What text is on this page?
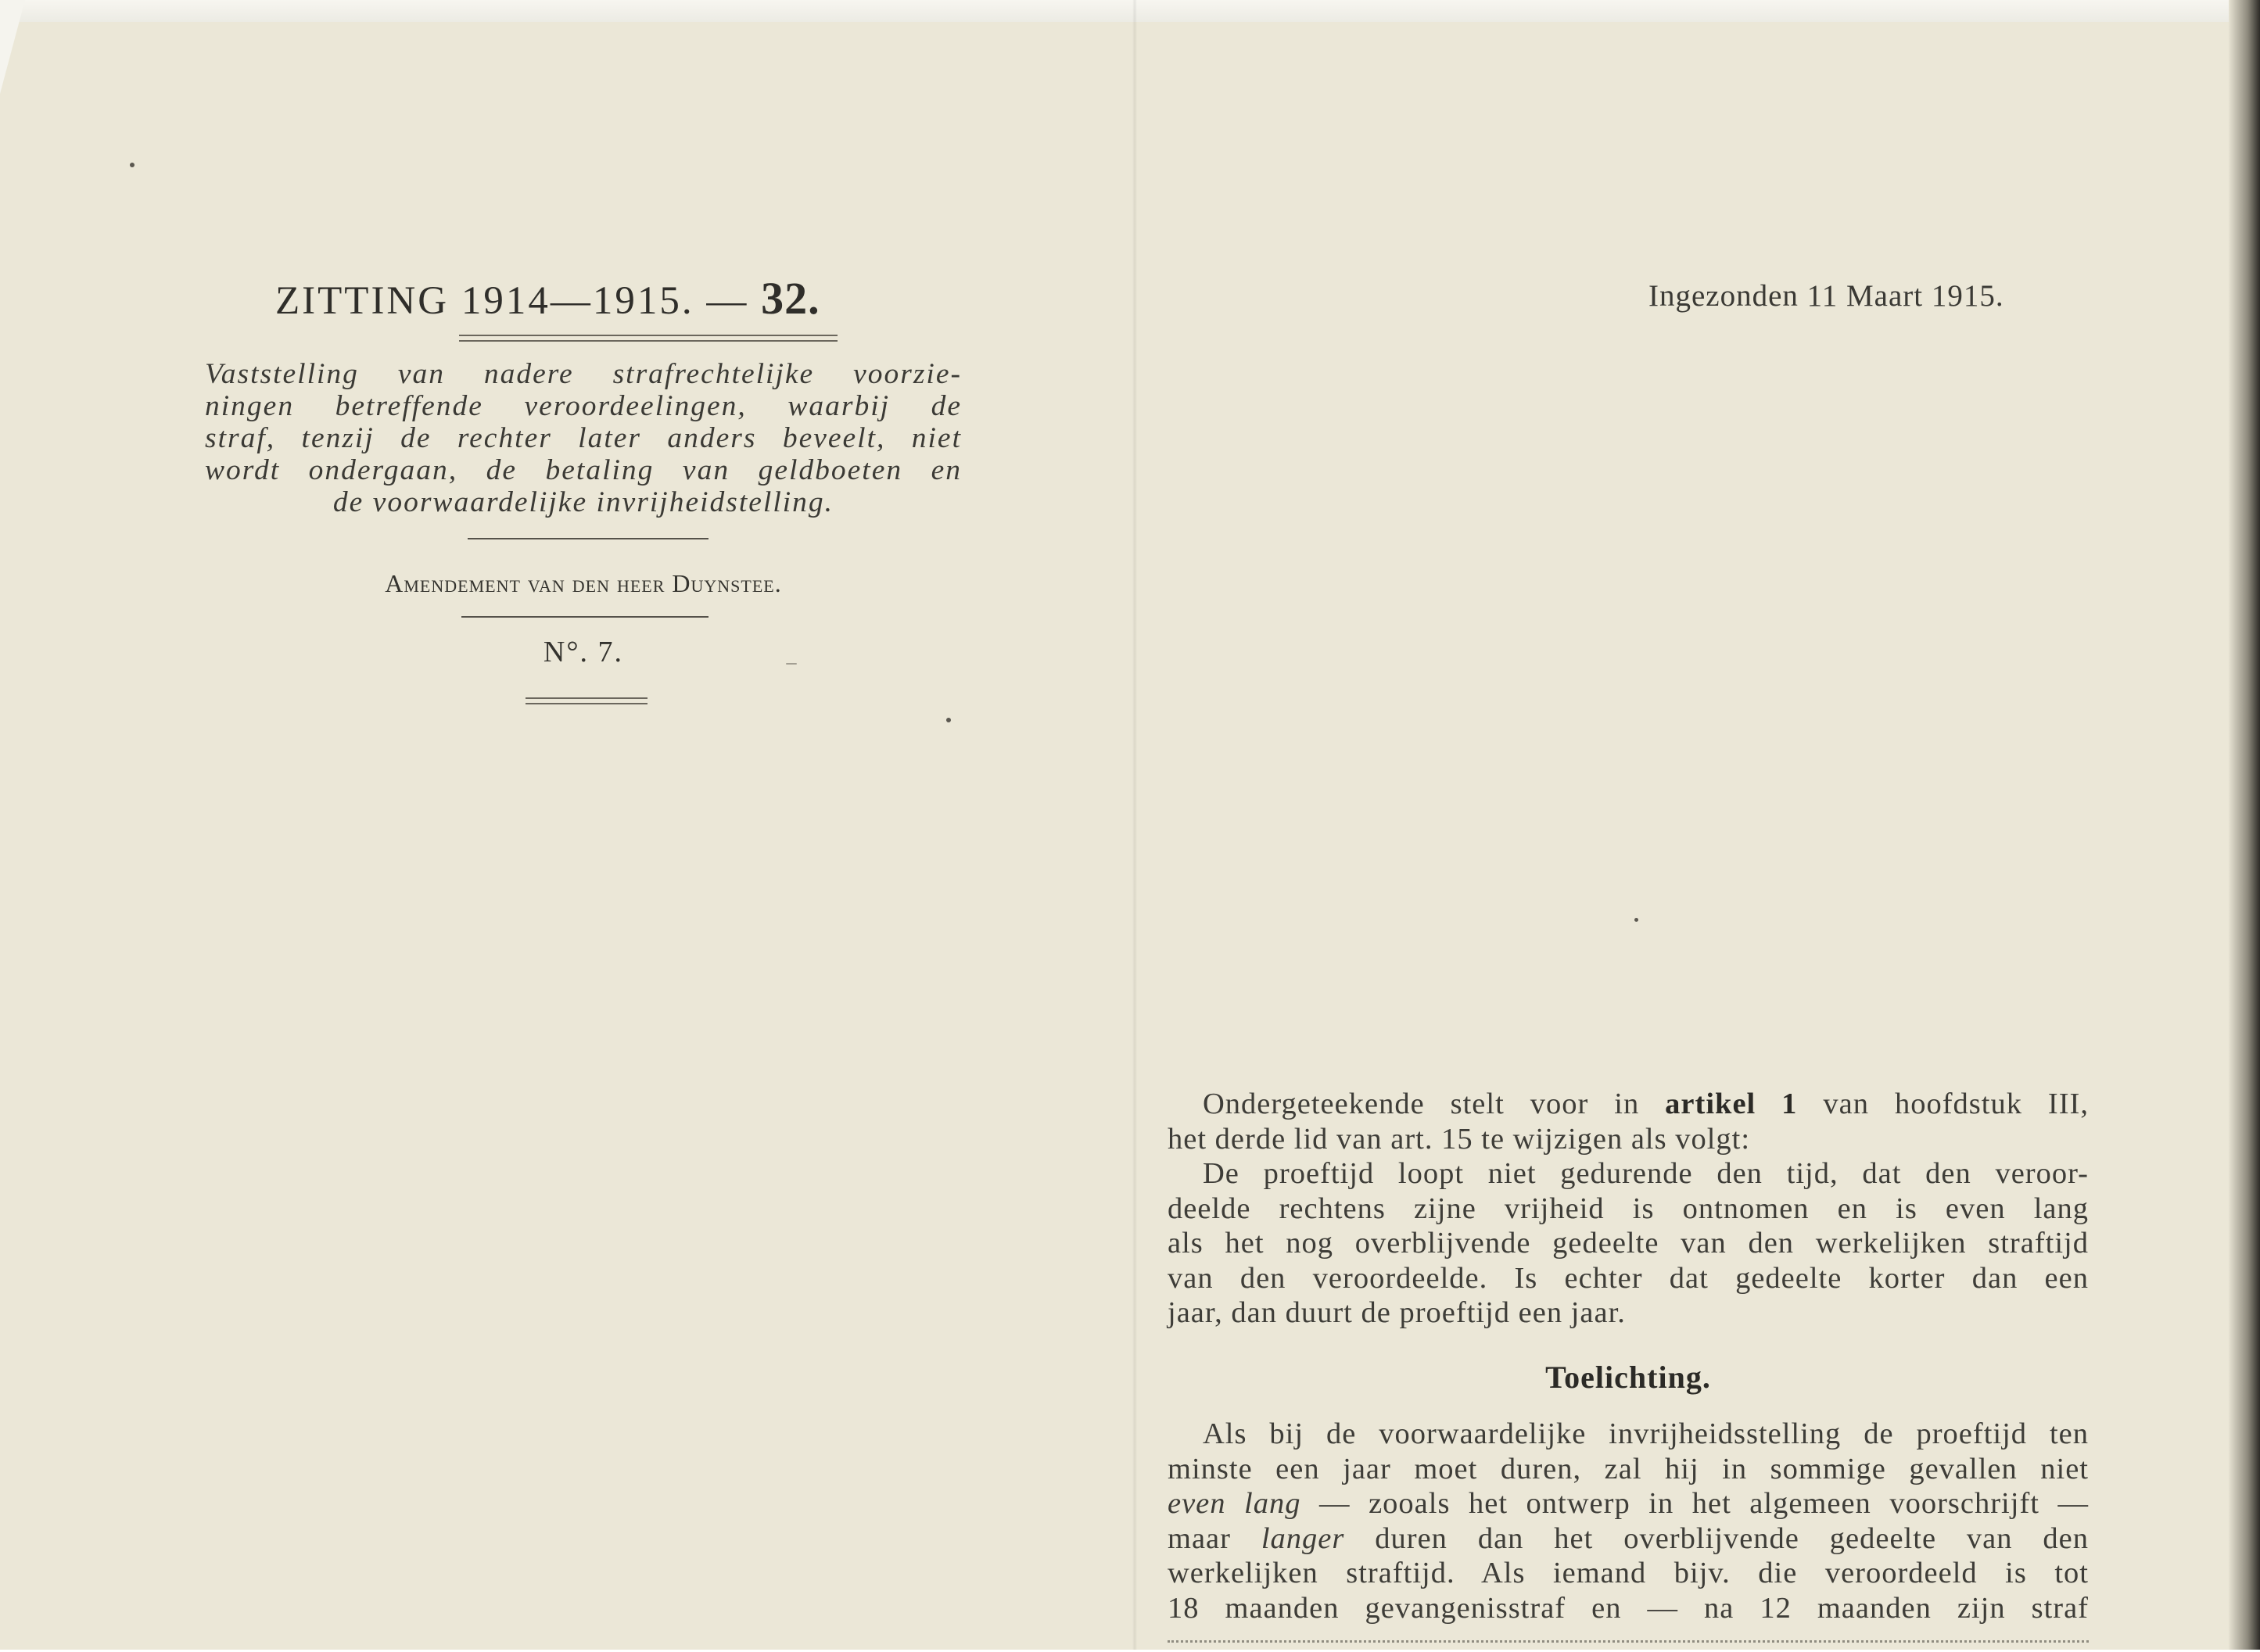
ZITTING 1914—1915. — 32.
Vaststelling van nadere strafrechtelijke voorzie-
ningen betreffende veroordeelingen, waarbij de
straf, tenzij de rechter later anders beveelt, niet
wordt ondergaan, de betaling van geldboeten en
de voorwaardelijke invrijheidstelling.
Amendement van den heer Duynstee.
N°. 7.
Ingezonden 11 Maart 1915.
Ondergeteekende stelt voor in artikel 1 van hoofdstuk III,
het derde lid van art. 15 te wijzigen als volgt:
De proeftijd loopt niet gedurende den tijd, dat den veroor-
deelde rechtens zijne vrijheid is ontnomen en is even lang
als het nog overblijvende gedeelte van den werkelijken straftijd
van den veroordeelde. Is echter dat gedeelte korter dan een
jaar, dan duurt de proeftijd een jaar.
Toelichting.
Als bij de voorwaardelijke invrijheidsstelling de proeftijd ten
minste een jaar moet duren, zal hij in sommige gevallen niet
even lang — zooals het ontwerp in het algemeen voorschrijft —
maar langer duren dan het overblijvende gedeelte van den
werkelijken straftijd. Als iemand bijv. die veroordeeld is tot
18 maanden gevangenisstraf en — na 12 maanden zijn straf
